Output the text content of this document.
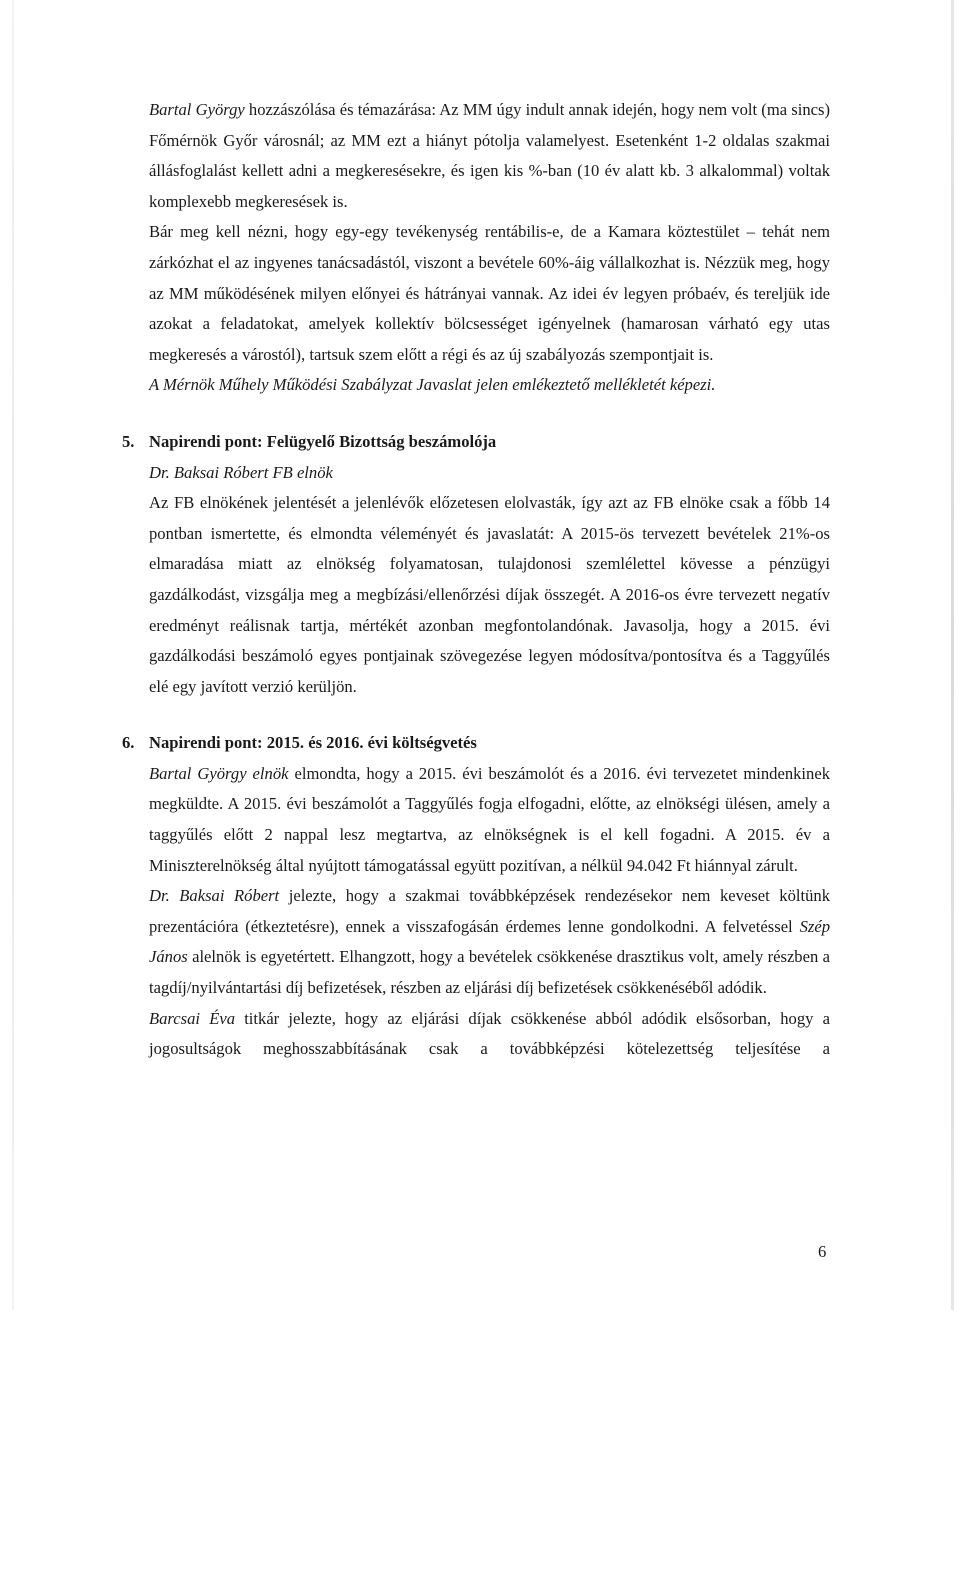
Bartal György hozzászólása és témazárása: Az MM úgy indult annak idején, hogy nem volt (ma sincs) Főmérnök Győr városnál; az MM ezt a hiányt pótolja valamelyest. Esetenként 1-2 oldalas szakmai állásfoglalást kellett adni a megkeresésekre, és igen kis %-ban (10 év alatt kb. 3 alkalommal) voltak komplexebb megkeresések is.

Bár meg kell nézni, hogy egy-egy tevékenység rentábilis-e, de a Kamara köztestület – tehát nem zárkózhat el az ingyenes tanácsadástól, viszont a bevétele 60%-áig vállalkozhat is. Nézzük meg, hogy az MM működésének milyen előnyei és hátrányai vannak. Az idei év legyen próbaév, és tereljük ide azokat a feladatokat, amelyek kollektív bölcsességet igényelnek (hamarosan várható egy utas megkeresés a várostól), tartsuk szem előtt a régi és az új szabályozás szempontjait is.

A Mérnök Műhely Működési Szabályzat Javaslat jelen emlékeztető mellékletét képezi.

5. Napirendi pont: Felügyelő Bizottság beszámolója

Dr. Baksai Róbert FB elnök

Az FB elnökének jelentését a jelenlévők előzetesen elolvasták, így azt az FB elnöke csak a főbb 14 pontban ismertette, és elmondta véleményét és javaslatát: A 2015-ös tervezett bevételek 21%-os elmaradása miatt az elnökség folyamatosan, tulajdonosi szemlélettel kövesse a pénzügyi gazdálkodást, vizsgálja meg a megbízási/ellenőrzési díjak összegét. A 2016-os évre tervezett negatív eredményt reálisnak tartja, mértékét azonban megfontolandónak. Javasolja, hogy a 2015. évi gazdálkodási beszámoló egyes pontjainak szövegezése legyen módosítva/pontosítva és a Taggyűlés elé egy javított verzió kerüljön.

6. Napirendi pont: 2015. és 2016. évi költségvetés

Bartal György elnök elmondta, hogy a 2015. évi beszámolót és a 2016. évi tervezetet mindenkinek megküldte. A 2015. évi beszámolót a Taggyűlés fogja elfogadni, előtte, az elnökségi ülésen, amely a taggyűlés előtt 2 nappal lesz megtartva, az elnökségnek is el kell fogadni. A 2015. év a Miniszterelnökség által nyújtott támogatással együtt pozitívan, a nélkül 94.042 Ft hiánnyal zárult.

Dr. Baksai Róbert jelezte, hogy a szakmai továbbképzések rendezésekor nem keveset költünk prezentációra (étkeztetésre), ennek a visszafogásán érdemes lenne gondolkodni. A felvetéssel Szép János alelnök is egyetértett. Elhangzott, hogy a bevételek csökkenése drasztikus volt, amely részben a tagdíj/nyilvántartási díj befizetések, részben az eljárási díj befizetések csökkenéséből adódik.

Barcsai Éva titkár jelezte, hogy az eljárási díjak csökkenése abból adódik elsősorban, hogy a jogosultságok meghosszabbításának csak a továbbképzési kötelezettség teljesítése a

6
